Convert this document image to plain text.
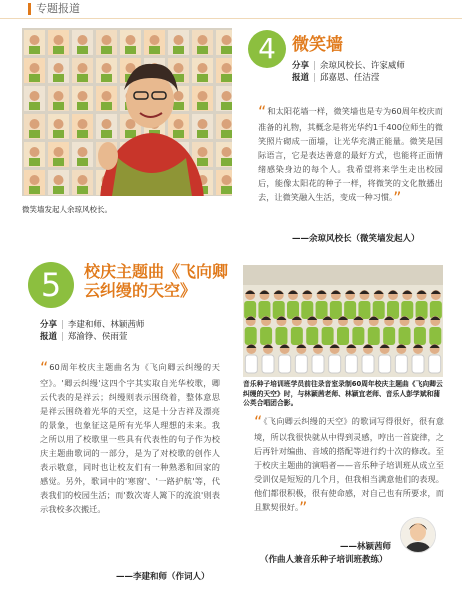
专题报道
微笑墙发起人余琼风校长。
4 微笑墙
分享 | 余琼风校长、许家威师
报道 | 邱嘉恩、任洁滢
“和太阳花墙一样，微笑墙也是专为60周年校庆而准备的礼物，其概念是将光华约1千400位师生的微笑照片砌成一面墙，让光华充满正能量。微笑是国际语言，它是表达善意的最好方式，也能将正面情绪感染身边的每个人。我希望将来学生走出校园后，能像太阳花的种子一样，将微笑的文化散播出去，让微笑融入生活，变成一种习惯。”
——余琼风校长（微笑墙发起人）
5	校庆主题曲《飞向卿云纠缦的天空》
分享 | 李建和师、林颖茜师
报道 | 郑渝铮、侯雨萱
“60周年校庆主题曲名为《飞向卿云纠缦的天空》。'卿云纠缦'这四个字其实取自光华校歌，卿云代表的是祥云；纠缦则表示围绕着，整体意思是祥云围绕着光华的天空，这是十分吉祥及漂亮的景象，也象征这是所有光华人理想的未来。我之所以用了校歌里一些具有代表性的句子作为校庆主题曲歌词的一部分，是为了对校歌的创作人表示敬意，同时也让校友们有一种熟悉和回家的感觉。另外，歌词中的'寒窗'、'一路护航'等，代表我们的校园生活；而'数次寄人篱下的流浪'则表示我校多次搬迁。
——李建和师（作词人）
音乐种子培训班学员前往录音室录制60周年校庆主题曲《飞向卿云纠缦的天空》时，与林颖茜老师、林颖宜老师、音乐人彭学斌和蒲公英合唱团合影。
“《飞向卿云纠缦的天空》的歌词写得很好，很有意境，所以我很快就从中得到灵感，哼出一首旋律，之后再针对编曲、音域的搭配等进行约十次的修改。至于校庆主题曲的演唱者——音乐种子培训班从成立至受训仅是短短的几个月，但我相当满意他们的表现。他们都很积极，很有使命感，对自己也有所要求，而且默契很好。”
——林颖茜师
（作曲人兼音乐种子培训班教练）
